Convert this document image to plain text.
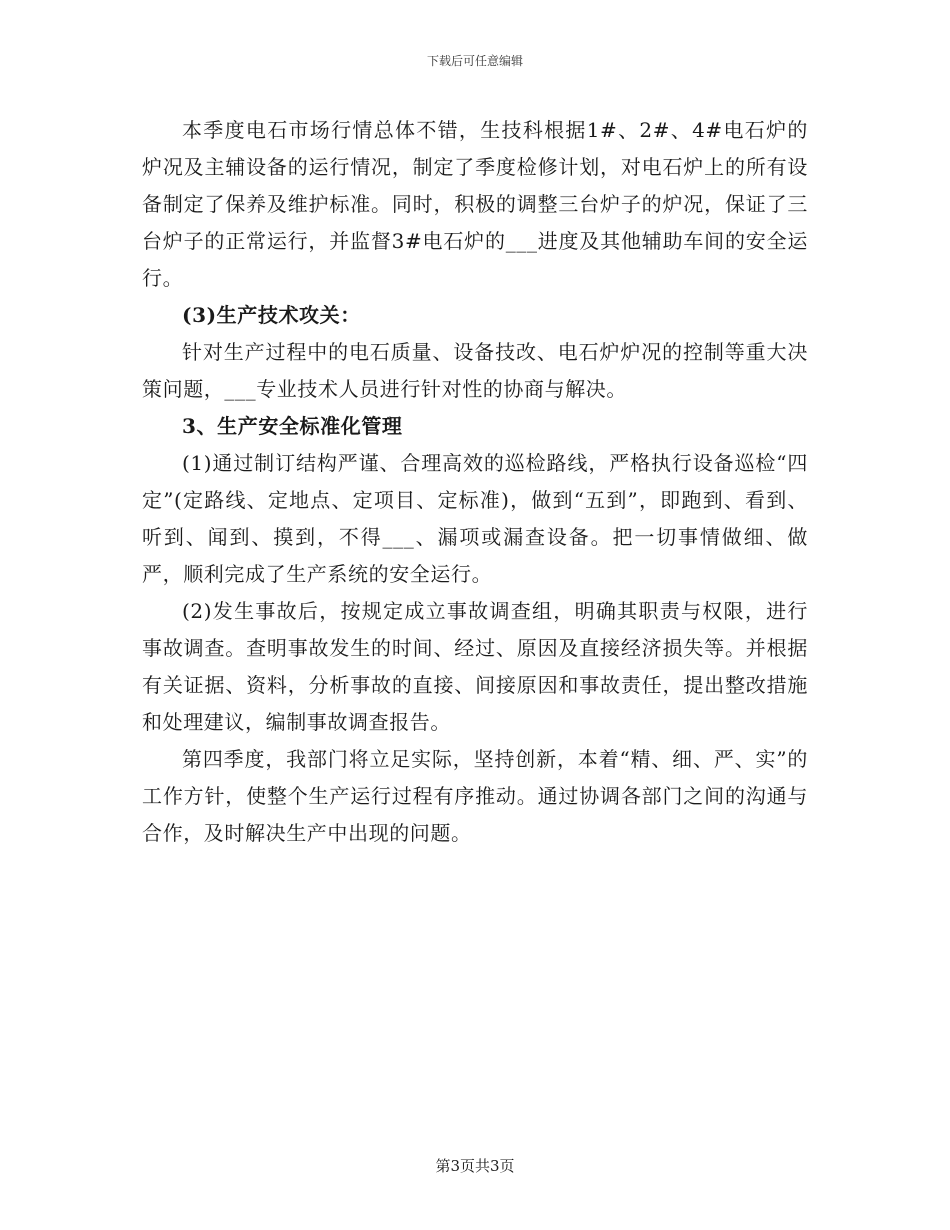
下载后可任意编辑

本季度电石市场行情总体不错，生技科根据1#、2#、4#电石炉的炉况及主辅设备的运行情况，制定了季度检修计划，对电石炉上的所有设备制定了保养及维护标准。同时，积极的调整三台炉子的炉况，保证了三台炉子的正常运行，并监督3#电石炉的___进度及其他辅助车间的安全运行。

(3)生产技术攻关：

针对生产过程中的电石质量、设备技改、电石炉炉况的控制等重大决策问题，___专业技术人员进行针对性的协商与解决。

3、生产安全标准化管理

(1)通过制订结构严谨、合理高效的巡检路线，严格执行设备巡检“四定”(定路线、定地点、定项目、定标准)，做到“五到”，即跑到、看到、听到、闻到、摸到，不得___、漏项或漏查设备。把一切事情做细、做严，顺利完成了生产系统的安全运行。

(2)发生事故后，按规定成立事故调查组，明确其职责与权限，进行事故调查。查明事故发生的时间、经过、原因及直接经济损失等。并根据有关证据、资料，分析事故的直接、间接原因和事故责任，提出整改措施和处理建议，编制事故调查报告。

第四季度，我部门将立足实际，坚持创新，本着“精、细、严、实”的工作方针，使整个生产运行过程有序推动。通过协调各部门之间的沟通与合作，及时解决生产中出现的问题。

第3页共3页
